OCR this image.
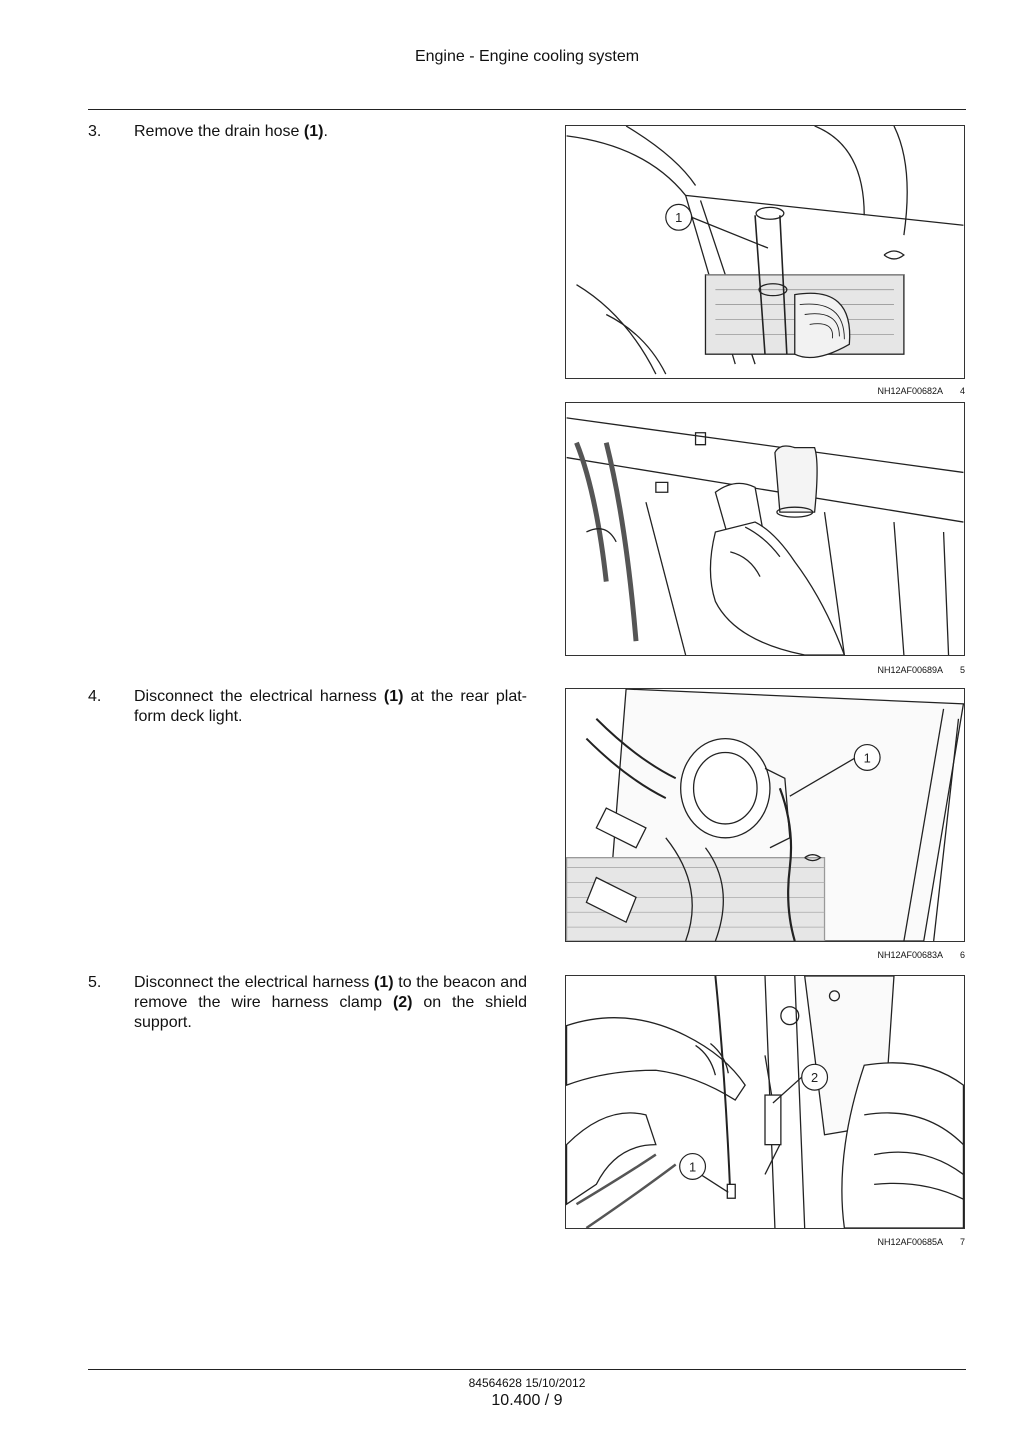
Engine - Engine cooling system
3. Remove the drain hose (1).
1
NH12AF00682A 4
NH12AF00689A 5
4. Disconnect the electrical harness (1) at the rear plat-form deck light.
1
NH12AF00683A 6
5. Disconnect the electrical harness (1) to the beacon and remove the wire harness clamp (2) on the shield support.
2
1
NH12AF00685A 7
84564628 15/10/2012
10.400 / 9
